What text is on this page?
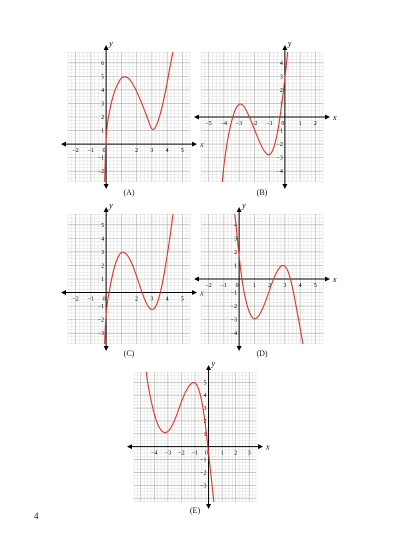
x
y
−2 −1 0	2 3 4 5
−2
−1
1
2
3
4
5
6
(A)
x
y
−5 −4 −3 −2 −1 0 1 2
−4
−3
−2
−1
1
2
3
4
(B)
x
y
−2 −1 0	2 3 4 5
−3
−2
−1
1
2
3
4
5
(C)
x
y
−2 −1 0 1 2 3 4 5
−4
−3
−2
−1
1
2
3
4
(D)
x
y
−4 −3 −2 −1 0 1 2 3
−3
−2
−1
1
2
3
4
5
(E)
4
